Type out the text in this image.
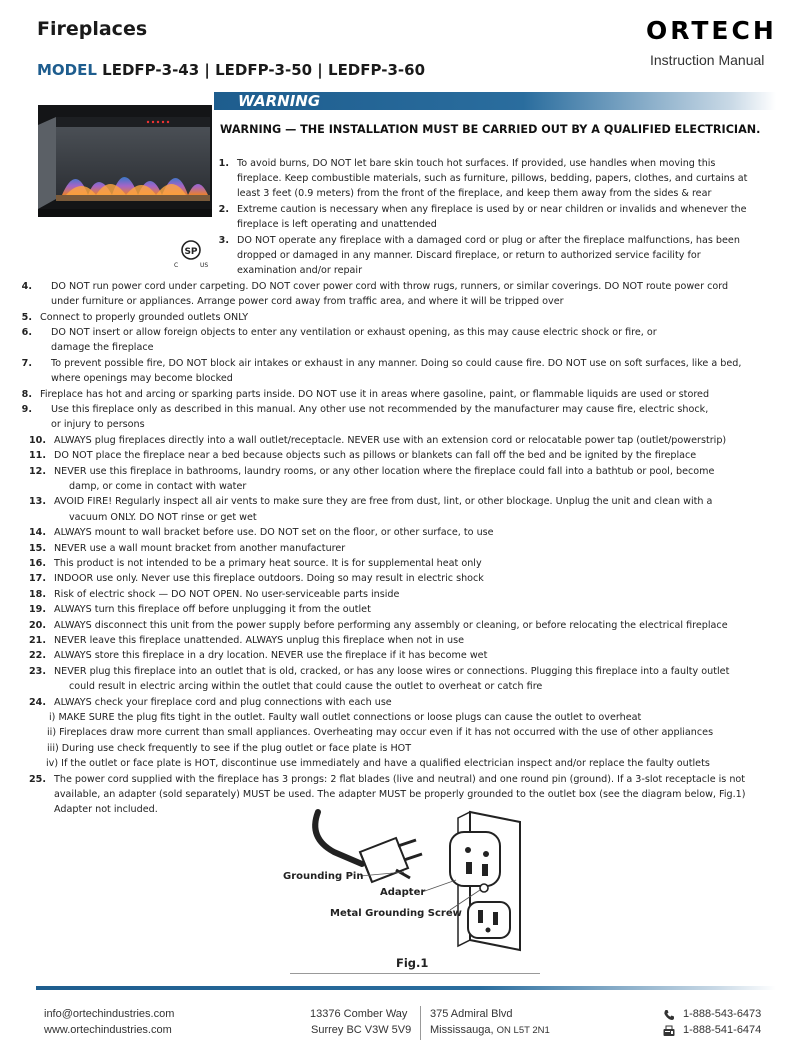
Fireplaces	ORTECH
Instruction Manual
MODEL LEDFP-3-43 | LEDFP-3-50 | LEDFP-3-60
SP
C	US
WARNING
WARNING — THE INSTALLATION MUST BE CARRIED OUT BY A QUALIFIED ELECTRICIAN.
1. To avoid burns, DO NOT let bare skin touch hot surfaces. If provided, use handles when moving this
fireplace. Keep combustible materials, such as furniture, pillows, bedding, papers, clothes, and curtains at
least 3 feet (0.9 meters) from the front of the fireplace, and keep them away from the sides & rear
2. Extreme caution is necessary when any fireplace is used by or near children or invalids and whenever the
fireplace is left operating and unattended
3. DO NOT operate any fireplace with a damaged cord or plug or after the fireplace malfunctions, has been
dropped or damaged in any manner. Discard fireplace, or return to authorized service facility for
examination and/or repair
4. DO NOT run power cord under carpeting. DO NOT cover power cord with throw rugs, runners, or similar coverings. DO NOT route power cord
under furniture or appliances. Arrange power cord away from traffic area, and where it will be tripped over
5. Connect to properly grounded outlets ONLY
6. DO NOT insert or allow foreign objects to enter any ventilation or exhaust opening, as this may cause electric shock or fire, or
damage the fireplace
7. To prevent possible fire, DO NOT block air intakes or exhaust in any manner. Doing so could cause fire. DO NOT use on soft surfaces, like a bed,
where openings may become blocked
8. Fireplace has hot and arcing or sparking parts inside. DO NOT use it in areas where gasoline, paint, or flammable liquids are used or stored
9. Use this fireplace only as described in this manual. Any other use not recommended by the manufacturer may cause fire, electric shock,
or injury to persons
10. ALWAYS plug fireplaces directly into a wall outlet/receptacle. NEVER use with an extension cord or relocatable power tap (outlet/powerstrip)
11. DO NOT place the fireplace near a bed because objects such as pillows or blankets can fall off the bed and be ignited by the fireplace
12. NEVER use this fireplace in bathrooms, laundry rooms, or any other location where the fireplace could fall into a bathtub or pool, become
damp, or come in contact with water
13. AVOID FIRE! Regularly inspect all air vents to make sure they are free from dust, lint, or other blockage. Unplug the unit and clean with a
vacuum ONLY. DO NOT rinse or get wet
14. ALWAYS mount to wall bracket before use. DO NOT set on the floor, or other surface, to use
15. NEVER use a wall mount bracket from another manufacturer
16. This product is not intended to be a primary heat source. It is for supplemental heat only
17. INDOOR use only. Never use this fireplace outdoors. Doing so may result in electric shock
18. Risk of electric shock — DO NOT OPEN. No user-serviceable parts inside
19. ALWAYS turn this fireplace off before unplugging it from the outlet
20. ALWAYS disconnect this unit from the power supply before performing any assembly or cleaning, or before relocating the electrical fireplace
21. NEVER leave this fireplace unattended. ALWAYS unplug this fireplace when not in use
22. ALWAYS store this fireplace in a dry location. NEVER use the fireplace if it has become wet
23. NEVER plug this fireplace into an outlet that is old, cracked, or has any loose wires or connections. Plugging this fireplace into a faulty outlet
could result in electric arcing within the outlet that could cause the outlet to overheat or catch fire
24. ALWAYS check your fireplace cord and plug connections with each use
25. The power cord supplied with the fireplace has 3 prongs: 2 flat blades (live and neutral) and one round pin (ground). If a 3-slot receptacle is not
available, an adapter (sold separately) MUST be used. The adapter MUST be properly grounded to the outlet box (see the diagram below, Fig.1)
Adapter not included.
i) MAKE SURE the plug fits tight in the outlet. Faulty wall outlet connections or loose plugs can cause the outlet to overheat
ii) Fireplaces draw more current than small appliances. Overheating may occur even if it has not occurred with the use of other appliances
iii) During use check frequently to see if the plug outlet or face plate is HOT
iv) If the outlet or face plate is HOT, discontinue use immediately and have a qualified electrician inspect and/or replace the faulty outlets
Grounding Pin
Adapter
Metal Grounding Screw
Fig.1
info@ortechindustries.com
www.ortechindustries.com
13376 Comber Way
Surrey BC V3W 5V9
375 Admiral Blvd
Mississauga, ON L5T 2N1
1-888-543-6473
1-888-541-6474
